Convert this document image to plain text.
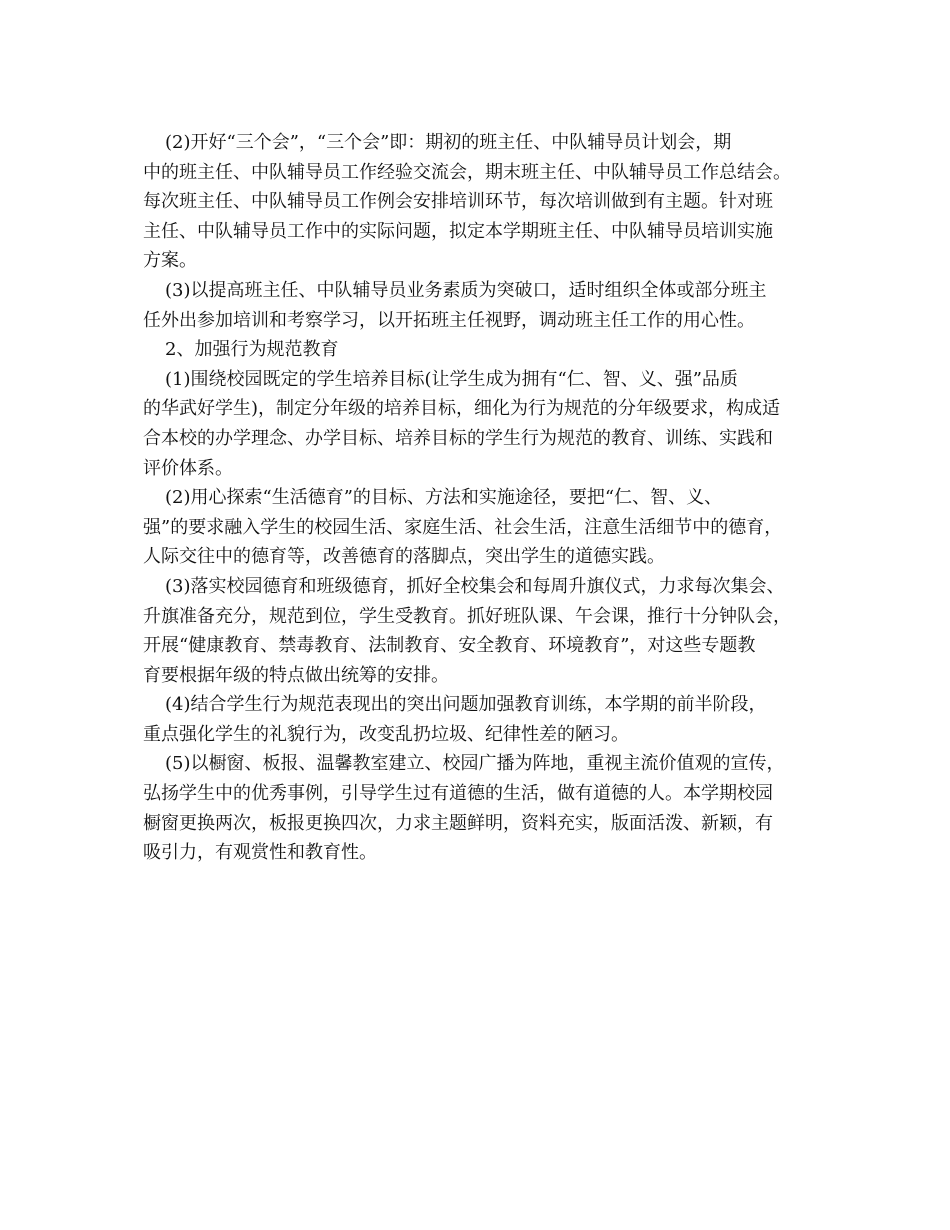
(2)开好“三个会”，“三个会”即：期初的班主任、中队辅导员计划会，期
中的班主任、中队辅导员工作经验交流会，期末班主任、中队辅导员工作总结会。
每次班主任、中队辅导员工作例会安排培训环节，每次培训做到有主题。针对班
主任、中队辅导员工作中的实际问题，拟定本学期班主任、中队辅导员培训实施
方案。
(3)以提高班主任、中队辅导员业务素质为突破口，适时组织全体或部分班主
任外出参加培训和考察学习，以开拓班主任视野，调动班主任工作的用心性。
2、加强行为规范教育
(1)围绕校园既定的学生培养目标(让学生成为拥有“仁、智、义、强”品质
的华武好学生)，制定分年级的培养目标，细化为行为规范的分年级要求，构成适
合本校的办学理念、办学目标、培养目标的学生行为规范的教育、训练、实践和
评价体系。
(2)用心探索“生活德育”的目标、方法和实施途径，要把“仁、智、义、
强”的要求融入学生的校园生活、家庭生活、社会生活，注意生活细节中的德育，
人际交往中的德育等，改善德育的落脚点，突出学生的道德实践。
(3)落实校园德育和班级德育，抓好全校集会和每周升旗仪式，力求每次集会、
升旗准备充分，规范到位，学生受教育。抓好班队课、午会课，推行十分钟队会，
开展“健康教育、禁毒教育、法制教育、安全教育、环境教育”，对这些专题教
育要根据年级的特点做出统筹的安排。
(4)结合学生行为规范表现出的突出问题加强教育训练，本学期的前半阶段，
重点强化学生的礼貌行为，改变乱扔垃圾、纪律性差的陋习。
(5)以橱窗、板报、温馨教室建立、校园广播为阵地，重视主流价值观的宣传，
弘扬学生中的优秀事例，引导学生过有道德的生活，做有道德的人。本学期校园
橱窗更换两次，板报更换四次，力求主题鲜明，资料充实，版面活泼、新颖，有
吸引力，有观赏性和教育性。
